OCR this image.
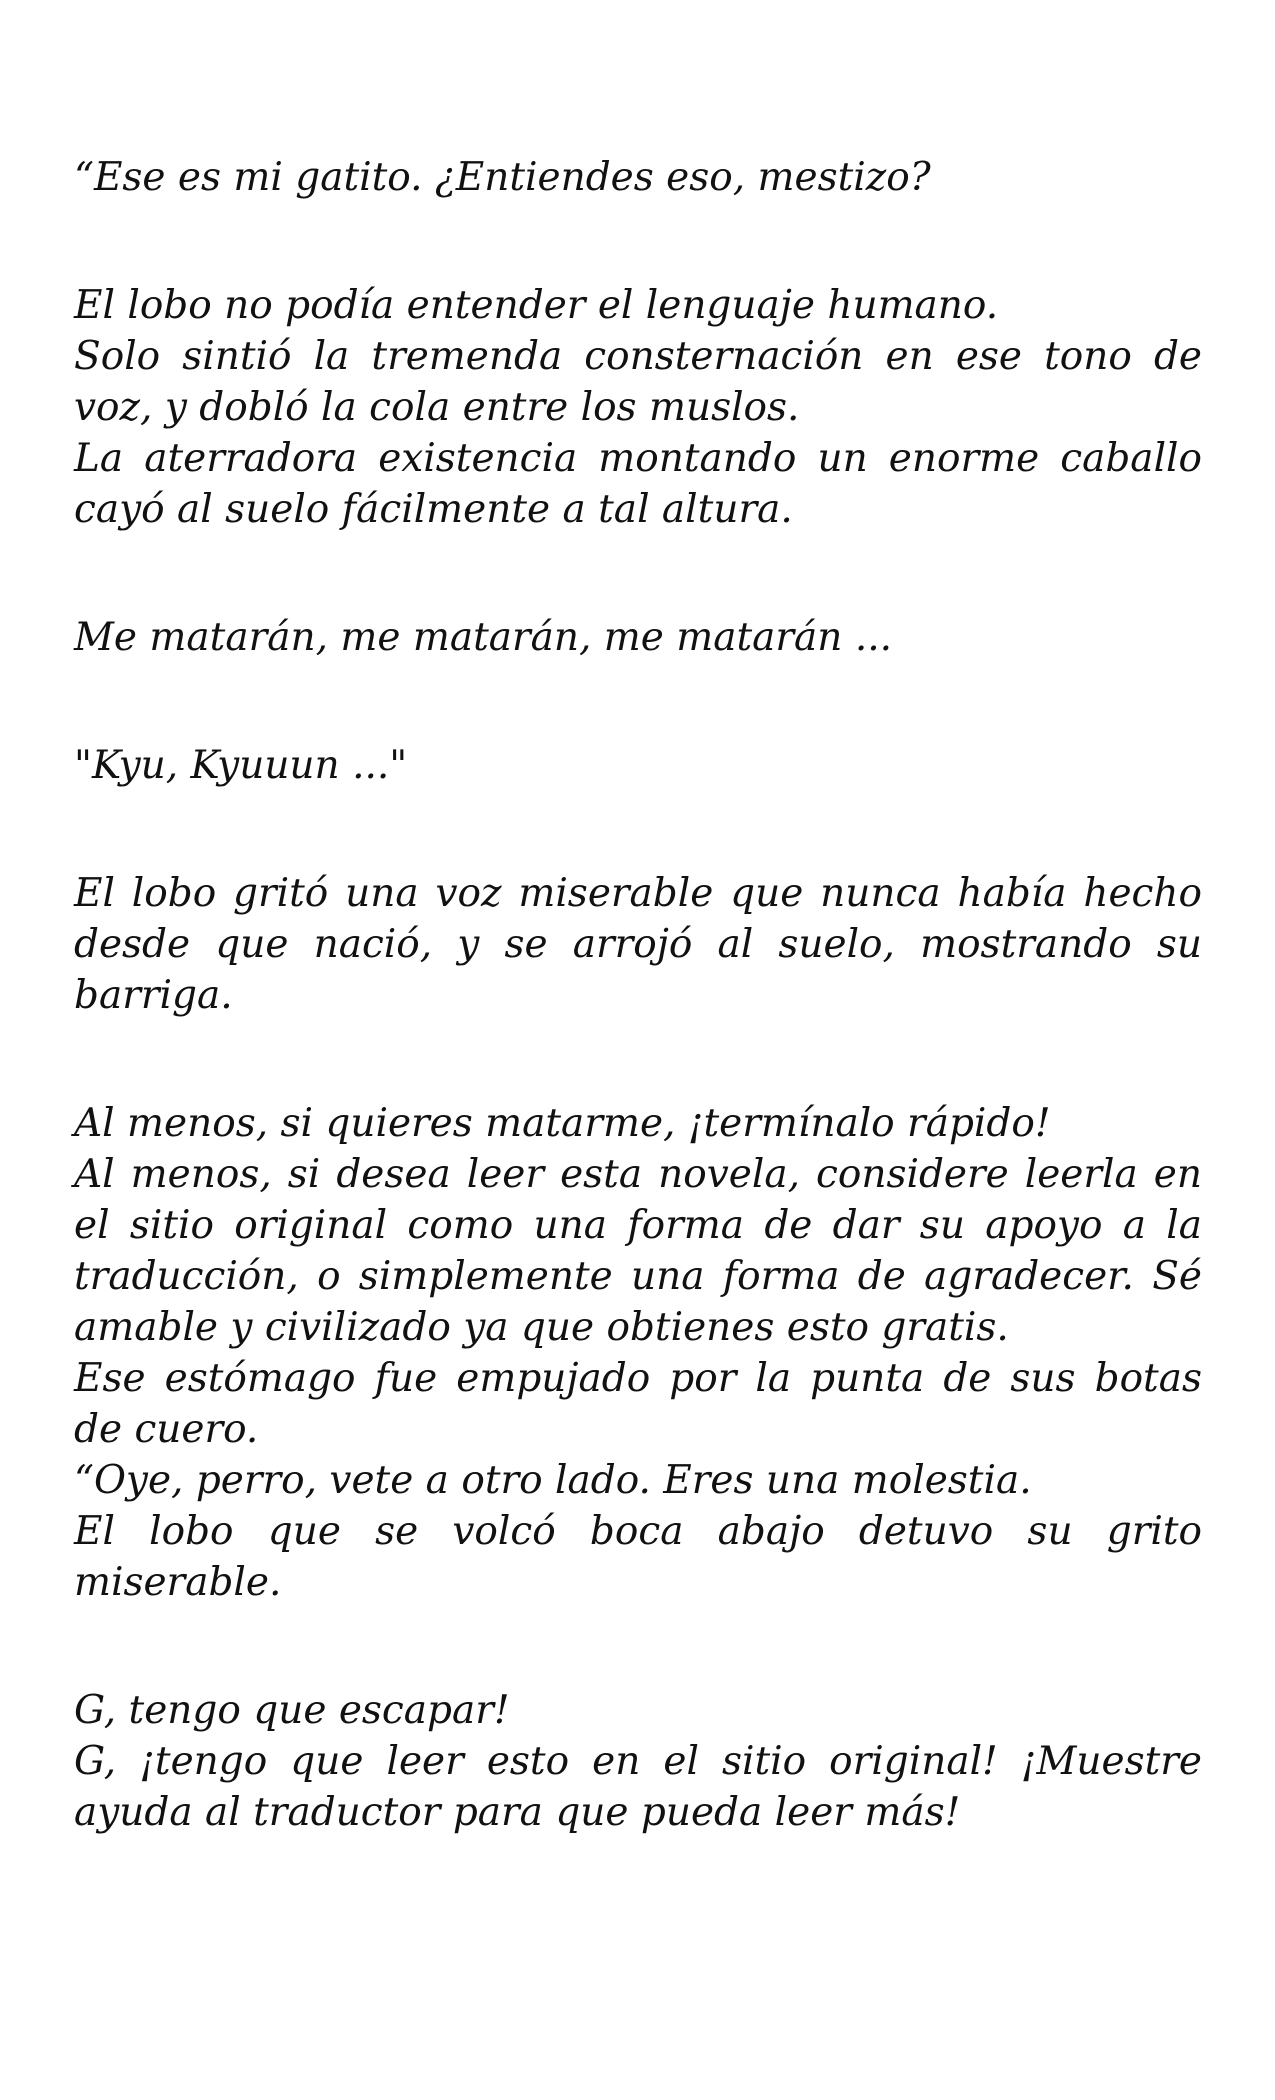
“Ese es mi gatito. ¿Entiendes eso, mestizo?

El lobo no podía entender el lenguaje humano.
Solo sintió la tremenda consternación en ese tono de voz, y dobló la cola entre los muslos.
La aterradora existencia montando un enorme caballo cayó al suelo fácilmente a tal altura.

Me matarán, me matarán, me matarán ...

"Kyu, Kyuuun ..."

El lobo gritó una voz miserable que nunca había hecho desde que nació, y se arrojó al suelo, mostrando su barriga.

Al menos, si quieres matarme, ¡termínalo rápido!
Al menos, si desea leer esta novela, considere leerla en el sitio original como una forma de dar su apoyo a la traducción, o simplemente una forma de agradecer. Sé amable y civilizado ya que obtienes esto gratis.
Ese estómago fue empujado por la punta de sus botas de cuero.
“Oye, perro, vete a otro lado. Eres una molestia.
El lobo que se volcó boca abajo detuvo su grito miserable.

G, tengo que escapar!
G, ¡tengo que leer esto en el sitio original! ¡Muestre ayuda al traductor para que pueda leer más!
